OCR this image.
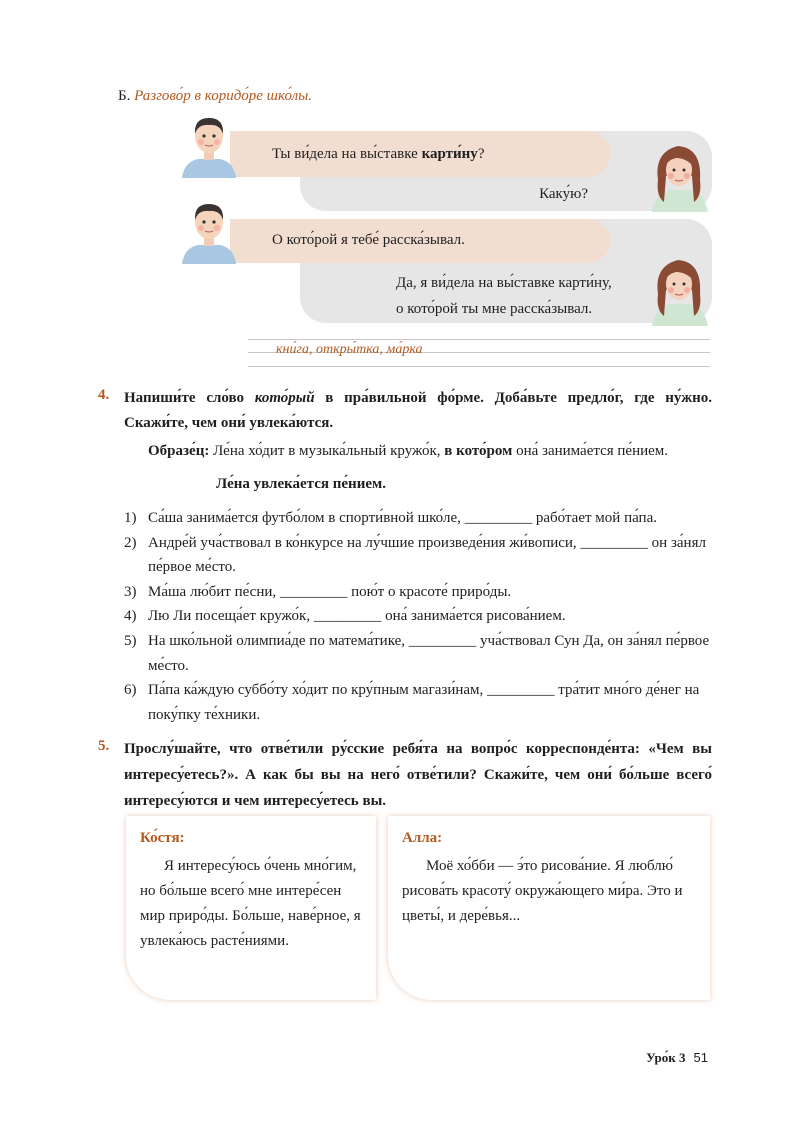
Б. Разгово́р в коридо́ре шко́лы.
Ты ви́дела на вы́ставке карти́ну?
Каку́ю?
О кото́рой я тебе́ расска́зывал.
Да, я ви́дела на вы́ставке карти́ну,
о кото́рой ты мне расска́зывал.
кни́га, откры́тка, ма́рка
4. Напиши́те сло́во кото́рый в пра́вильной фо́рме. Доба́вьте предло́г, где ну́жно. Скажи́те, чем они́ увлека́ются.
Образе́ц: Ле́на хо́дит в музыка́льный кружо́к, в кото́ром она́ занима́ется пе́нием.
Ле́на увлека́ется пе́нием.
1) Са́ша занима́ется футбо́лом в спорти́вной шко́ле, _________ рабо́тает мой па́па.
2) Андре́й уча́ствовал в ко́нкурсе на лу́чшие произведе́ния жи́вописи, _________ он за́нял пе́рвое ме́сто.
3) Ма́ша лю́бит пе́сни, _________ пою́т о красоте́ приро́ды.
4) Лю Ли посеща́ет кружо́к, _________ она́ занима́ется рисова́нием.
5) На шко́льной олимпиа́де по матема́тике, _________ уча́ствовал Сун Да, он за́нял пе́рвое ме́сто.
6) Па́па ка́ждую суббо́ту хо́дит по кру́пным магази́нам, _________ тра́тит мно́го де́нег на поку́пку те́хники.
5. Прослу́шайте, что отве́тили ру́сские ребя́та на вопро́с корреспонде́нта: «Чем вы интересу́етесь?». А как бы вы на него́ отве́тили? Скажи́те, чем они́ бо́льше всего́ интересу́ются и чем интересу́етесь вы.
Ко́стя:
Я интересу́юсь о́чень мно́гим, но бо́льше всего́ мне интере́сен мир приро́ды. Бо́льше, наве́рное, я увлека́юсь расте́ниями.
Алла:
Моё хо́бби — э́то рисова́ние. Я люблю́ рисова́ть красоту́ окружа́ющего ми́ра. Это и цветы́, и дере́вья...
Уро́к 3 51
